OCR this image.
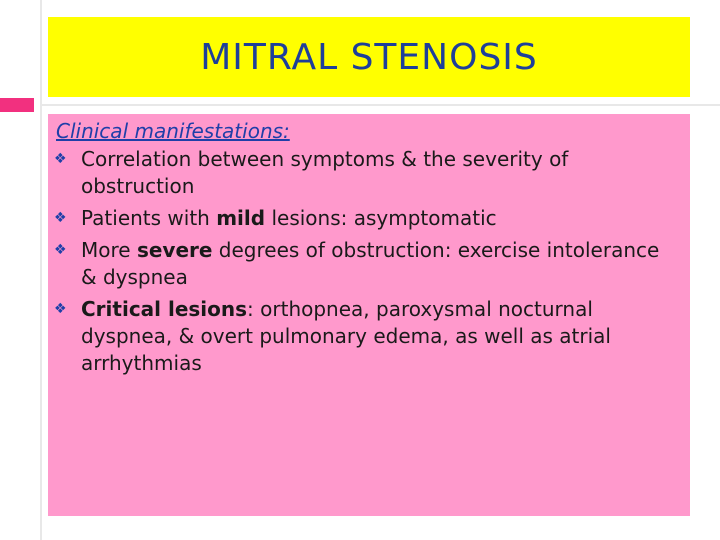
MITRAL STENOSIS
Clinical manifestations:
❖ Correlation between symptoms & the severity of obstruction
❖ Patients with mild lesions: asymptomatic
❖ More severe degrees of obstruction: exercise intolerance & dyspnea
❖ Critical lesions: orthopnea, paroxysmal nocturnal dyspnea, & overt pulmonary edema, as well as atrial arrhythmias
